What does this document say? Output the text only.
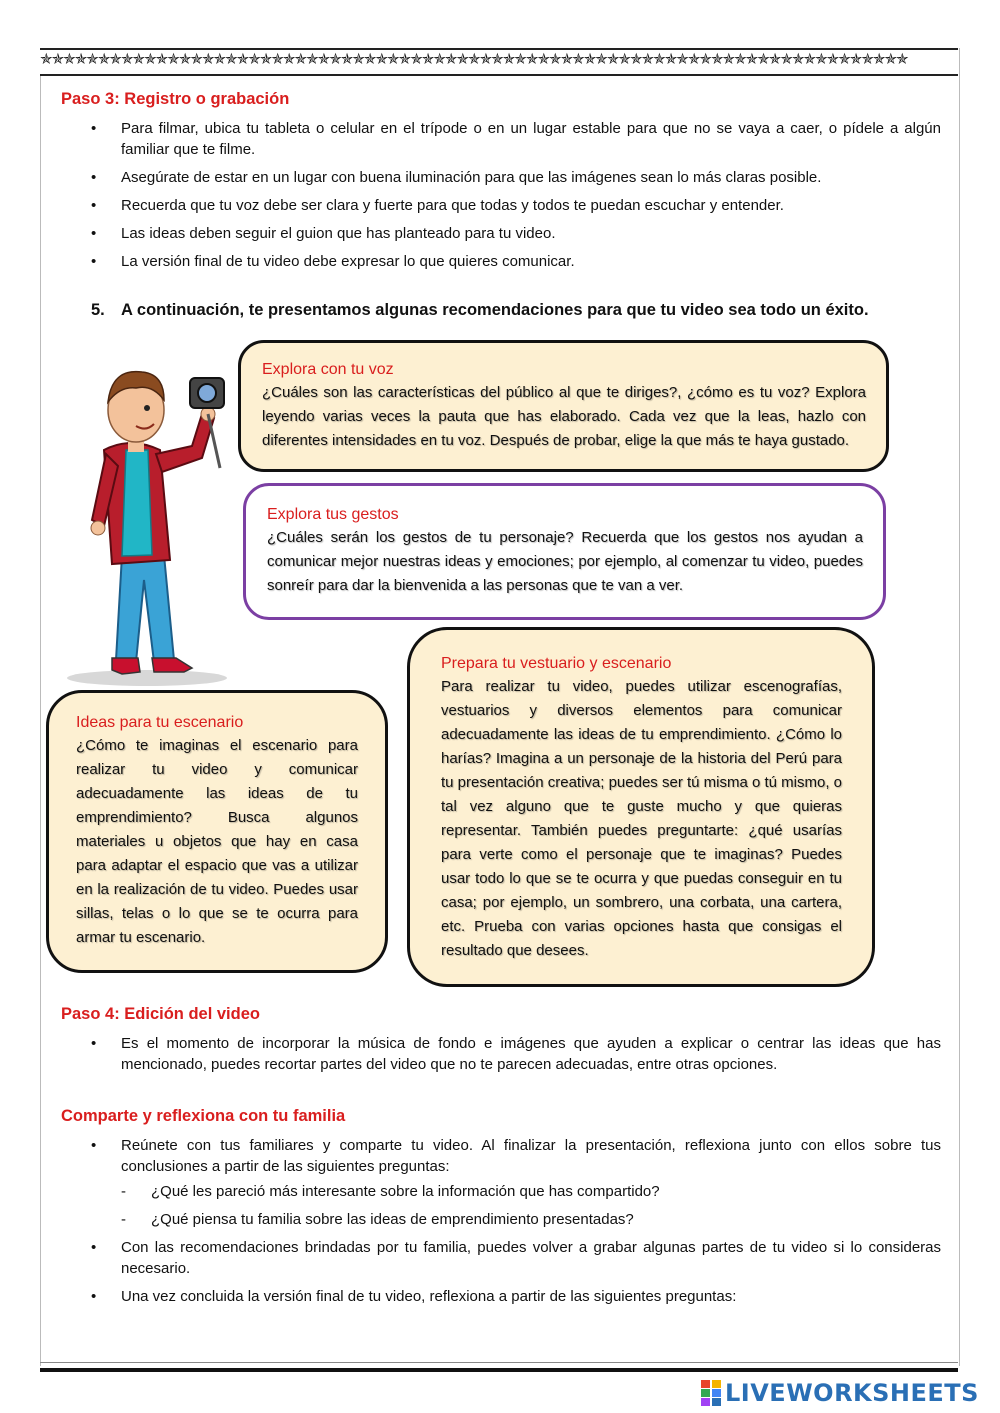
✯✯✯✯✯✯✯✯✯✯✯✯✯✯✯✯✯✯✯✯✯✯✯✯✯✯✯✯✯✯✯✯✯✯✯✯✯✯✯✯✯✯✯✯✯✯✯✯✯✯✯✯✯✯✯✯✯✯✯✯✯✯✯✯✯✯✯✯✯✯✯✯✯✯✯
Paso 3: Registro o grabación
• Para filmar, ubica tu tableta o celular en el trípode o en un lugar estable para que no se vaya a caer, o pídele a algún familiar que te filme.
• Asegúrate de estar en un lugar con buena iluminación para que las imágenes sean lo más claras posible.
• Recuerda que tu voz debe ser clara y fuerte para que todas y todos te puedan escuchar y entender.
• Las ideas deben seguir el guion que has planteado para tu video.
• La versión final de tu video debe expresar lo que quieres comunicar.
5. A continuación, te presentamos algunas recomendaciones para que tu video sea todo un éxito.
Explora con tu voz
¿Cuáles son las características del público al que te diriges?, ¿cómo es tu voz? Explora leyendo varias veces la pauta que has elaborado. Cada vez que la leas, hazlo con diferentes intensidades en tu voz. Después de probar, elige la que más te haya gustado.
Explora tus gestos
¿Cuáles serán los gestos de tu personaje? Recuerda que los gestos nos ayudan a comunicar mejor nuestras ideas y emociones; por ejemplo, al comenzar tu video, puedes sonreír para dar la bienvenida a las personas que te van a ver.
Prepara tu vestuario y escenario
Para realizar tu video, puedes utilizar escenografías, vestuarios y diversos elementos para comunicar adecuadamente las ideas de tu emprendimiento. ¿Cómo lo harías? Imagina a un personaje de la historia del Perú para tu presentación creativa; puedes ser tú misma o tú mismo, o tal vez alguno que te guste mucho y que quieras representar. También puedes preguntarte: ¿qué usarías para verte como el personaje que te imaginas? Puedes usar todo lo que se te ocurra y que puedas conseguir en tu casa; por ejemplo, un sombrero, una corbata, una cartera, etc. Prueba con varias opciones hasta que consigas el resultado que desees.
Ideas para tu escenario
¿Cómo te imaginas el escenario para realizar tu video y comunicar adecuadamente las ideas de tu emprendimiento? Busca algunos materiales u objetos que hay en casa para adaptar el espacio que vas a utilizar en la realización de tu video. Puedes usar sillas, telas o lo que se te ocurra para armar tu escenario.
Paso 4: Edición del video
• Es el momento de incorporar la música de fondo e imágenes que ayuden a explicar o centrar las ideas que has mencionado, puedes recortar partes del video que no te parecen adecuadas, entre otras opciones.
Comparte y reflexiona con tu familia
• Reúnete con tus familiares y comparte tu video. Al finalizar la presentación, reflexiona junto con ellos sobre tus conclusiones a partir de las siguientes preguntas:
- ¿Qué les pareció más interesante sobre la información que has compartido?
- ¿Qué piensa tu familia sobre las ideas de emprendimiento presentadas?
• Con las recomendaciones brindadas por tu familia, puedes volver a grabar algunas partes de tu video si lo consideras necesario.
• Una vez concluida la versión final de tu video, reflexiona a partir de las siguientes preguntas:
LIVEWORKSHEETS
